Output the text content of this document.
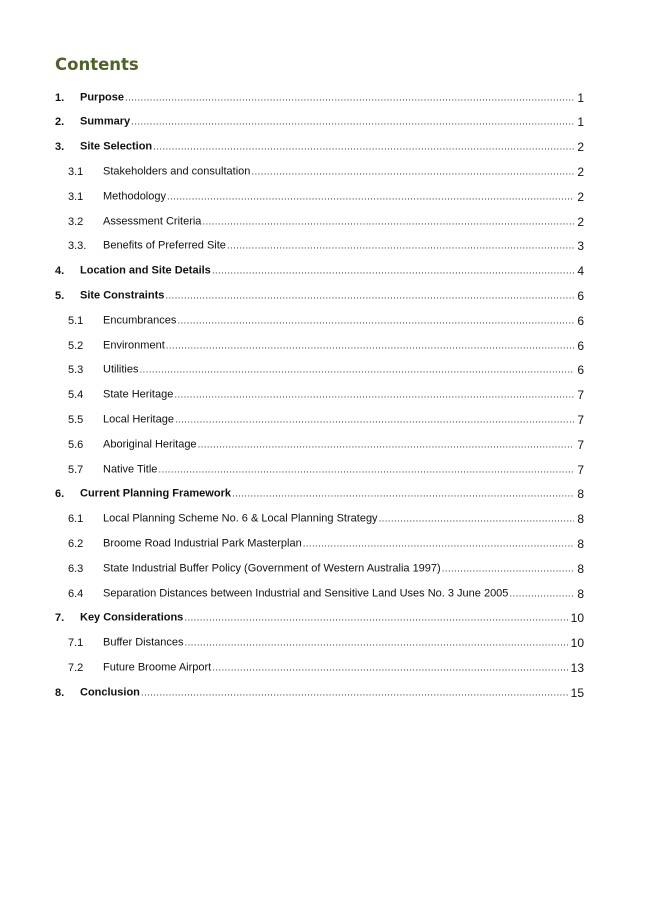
Contents
1. Purpose .....	1
2. Summary .....	1
3. Site Selection .....	2
3.1 Stakeholders and consultation .....	2
3.1 Methodology .....	2
3.2 Assessment Criteria .....	2
3.3. Benefits of Preferred Site .....	3
4. Location and Site Details .....	4
5. Site Constraints .....	6
5.1 Encumbrances .....	6
5.2 Environment .....	6
5.3 Utilities .....	6
5.4 State Heritage .....	7
5.5 Local Heritage .....	7
5.6 Aboriginal Heritage .....	7
5.7 Native Title .....	7
6. Current Planning Framework .....	8
6.1 Local Planning Scheme No. 6 & Local Planning Strategy .....	8
6.2 Broome Road Industrial Park Masterplan .....	8
6.3 State Industrial Buffer Policy (Government of Western Australia 1997) .....	8
6.4 Separation Distances between Industrial and Sensitive Land Uses No. 3 June 2005 .....	8
7. Key Considerations .....	10
7.1 Buffer Distances .....	10
7.2 Future Broome Airport .....	13
8. Conclusion .....	15
